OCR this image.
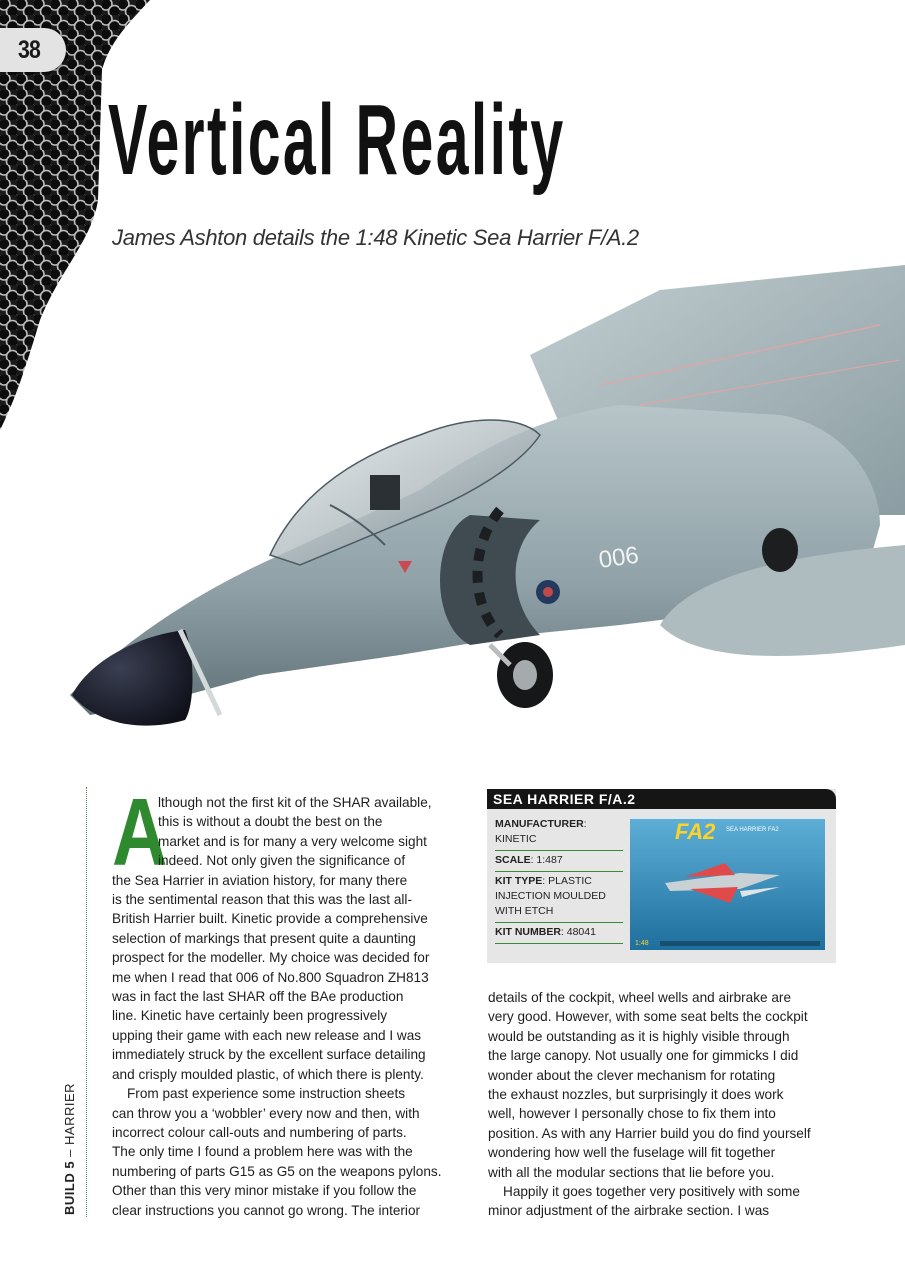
38
Vertical Reality
James Ashton details the 1:48 Kinetic Sea Harrier F/A.2
006
BUILD 5 – HARRIER
A
lthough not the first kit of the SHAR available,
this is without a doubt the best on the
market and is for many a very welcome sight
indeed. Not only given the significance of
the Sea Harrier in aviation history, for many there
is the sentimental reason that this was the last all-
British Harrier built. Kinetic provide a comprehensive
selection of markings that present quite a daunting
prospect for the modeller. My choice was decided for
me when I read that 006 of No.800 Squadron ZH813
was in fact the last SHAR off the BAe production
line. Kinetic have certainly been progressively
upping their game with each new release and I was
immediately struck by the excellent surface detailing
and crisply moulded plastic, of which there is plenty.
From past experience some instruction sheets
can throw you a ‘wobbler’ every now and then, with
incorrect colour call-outs and numbering of parts.
The only time I found a problem here was with the
numbering of parts G15 as G5 on the weapons pylons.
Other than this very minor mistake if you follow the
clear instructions you cannot go wrong. The interior
SEA HARRIER F/A.2
MANUFACTURER: KINETIC
SCALE: 1:487
KIT TYPE: PLASTIC INJECTION MOULDED WITH ETCH
KIT NUMBER: 48041
FA2 SEA HARRIER FA2
1:48
details of the cockpit, wheel wells and airbrake are
very good. However, with some seat belts the cockpit
would be outstanding as it is highly visible through
the large canopy. Not usually one for gimmicks I did
wonder about the clever mechanism for rotating
the exhaust nozzles, but surprisingly it does work
well, however I personally chose to fix them into
position. As with any Harrier build you do find yourself
wondering how well the fuselage will fit together
with all the modular sections that lie before you.
Happily it goes together very positively with some
minor adjustment of the airbrake section. I was
